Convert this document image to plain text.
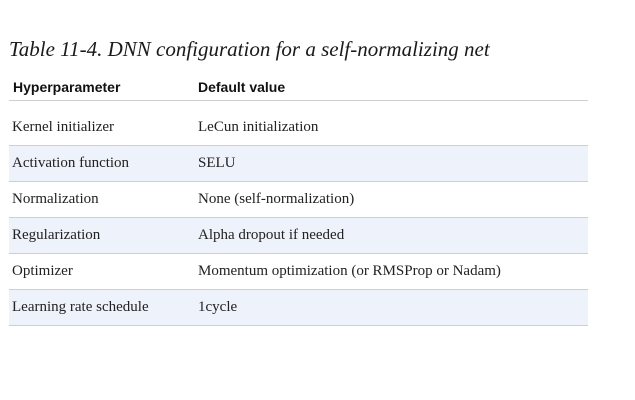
Table 11-4. DNN configuration for a self-normalizing net
Hyperparameter	Default value
Kernel initializer	LeCun initialization
Activation function	SELU
Normalization	None (self-normalization)
Regularization	Alpha dropout if needed
Optimizer	Momentum optimization (or RMSProp or Nadam)
Learning rate schedule	1cycle
